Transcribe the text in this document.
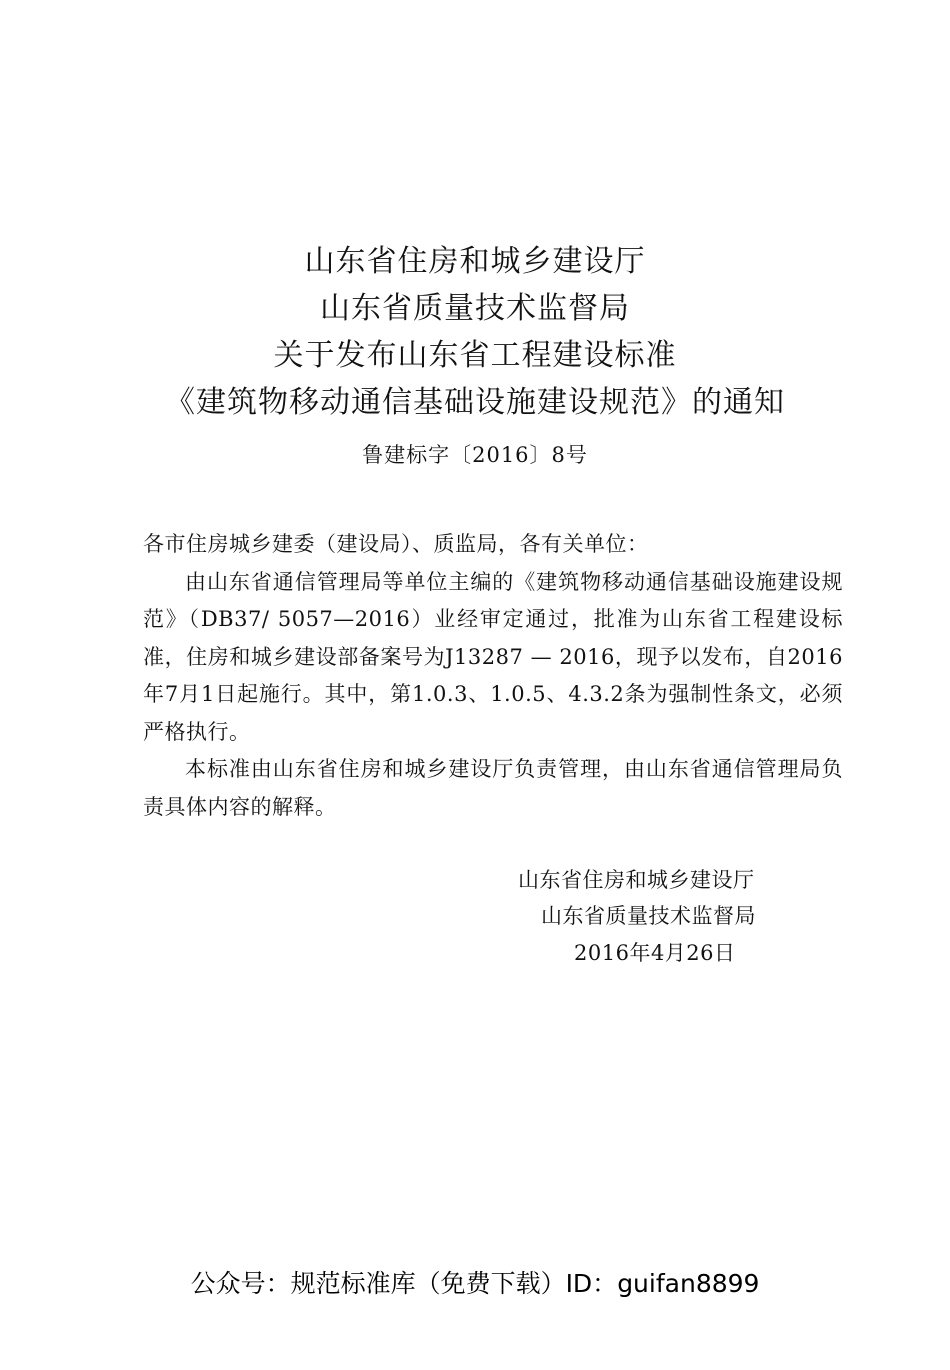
山东省住房和城乡建设厅
山东省质量技术监督局
关于发布山东省工程建设标准
《建筑物移动通信基础设施建设规范》的通知
鲁建标字〔2016〕8号

各市住房城乡建委（建设局）、质监局，各有关单位：

由山东省通信管理局等单位主编的《建筑物移动通信基础设施建设规范》（DB37/ 5057—2016）业经审定通过，批准为山东省工程建设标准，住房和城乡建设部备案号为J13287 — 2016，现予以发布，自2016年7月1日起施行。其中，第1.0.3、1.0.5、4.3.2条为强制性条文，必须严格执行。

本标准由山东省住房和城乡建设厅负责管理，由山东省通信管理局负责具体内容的解释。

山东省住房和城乡建设厅
山东省质量技术监督局
2016年4月26日
公众号：规范标准库（免费下载）ID：guifan8899
